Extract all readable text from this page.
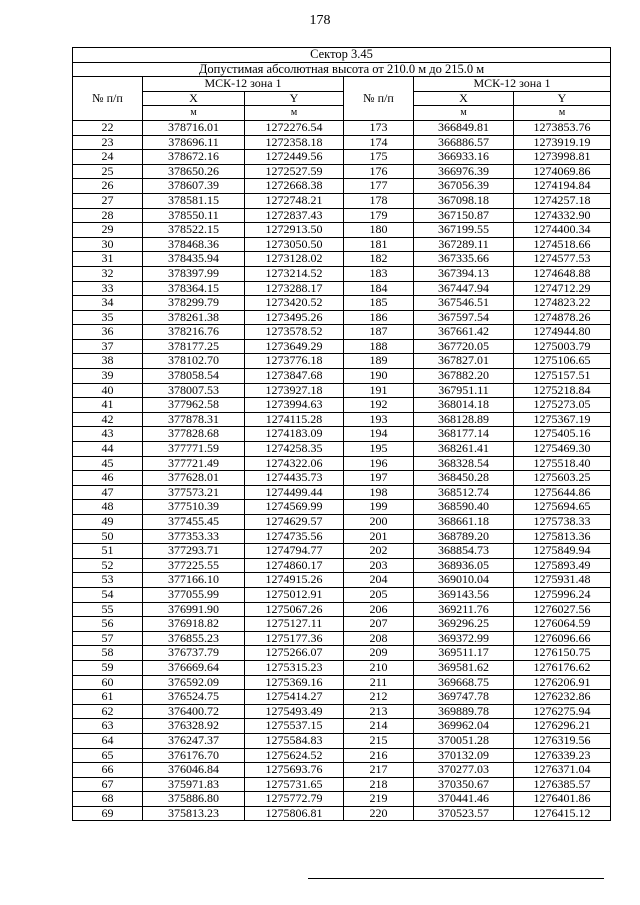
178
Сектор 3.45					
Допустимая абсолютная высота от 210.0 м до 215.0 м					
№ п/п	МСК-12 зона 1		№ п/п	МСК-12 зона 1	
	X	Y		X	Y
	м	м		м	м
22	378716.01	1272276.54	173	366849.81	1273853.76
23	378696.11	1272358.18	174	366886.57	1273919.19
24	378672.16	1272449.56	175	366933.16	1273998.81
25	378650.26	1272527.59	176	366976.39	1274069.86
26	378607.39	1272668.38	177	367056.39	1274194.84
27	378581.15	1272748.21	178	367098.18	1274257.18
28	378550.11	1272837.43	179	367150.87	1274332.90
29	378522.15	1272913.50	180	367199.55	1274400.34
30	378468.36	1273050.50	181	367289.11	1274518.66
31	378435.94	1273128.02	182	367335.66	1274577.53
32	378397.99	1273214.52	183	367394.13	1274648.88
33	378364.15	1273288.17	184	367447.94	1274712.29
34	378299.79	1273420.52	185	367546.51	1274823.22
35	378261.38	1273495.26	186	367597.54	1274878.26
36	378216.76	1273578.52	187	367661.42	1274944.80
37	378177.25	1273649.29	188	367720.05	1275003.79
38	378102.70	1273776.18	189	367827.01	1275106.65
39	378058.54	1273847.68	190	367882.20	1275157.51
40	378007.53	1273927.18	191	367951.11	1275218.84
41	377962.58	1273994.63	192	368014.18	1275273.05
42	377878.31	1274115.28	193	368128.89	1275367.19
43	377828.68	1274183.09	194	368177.14	1275405.16
44	377771.59	1274258.35	195	368261.41	1275469.30
45	377721.49	1274322.06	196	368328.54	1275518.40
46	377628.01	1274435.73	197	368450.28	1275603.25
47	377573.21	1274499.44	198	368512.74	1275644.86
48	377510.39	1274569.99	199	368590.40	1275694.65
49	377455.45	1274629.57	200	368661.18	1275738.33
50	377353.33	1274735.56	201	368789.20	1275813.36
51	377293.71	1274794.77	202	368854.73	1275849.94
52	377225.55	1274860.17	203	368936.05	1275893.49
53	377166.10	1274915.26	204	369010.04	1275931.48
54	377055.99	1275012.91	205	369143.56	1275996.24
55	376991.90	1275067.26	206	369211.76	1276027.56
56	376918.82	1275127.11	207	369296.25	1276064.59
57	376855.23	1275177.36	208	369372.99	1276096.66
58	376737.79	1275266.07	209	369511.17	1276150.75
59	376669.64	1275315.23	210	369581.62	1276176.62
60	376592.09	1275369.16	211	369668.75	1276206.91
61	376524.75	1275414.27	212	369747.78	1276232.86
62	376400.72	1275493.49	213	369889.78	1276275.94
63	376328.92	1275537.15	214	369962.04	1276296.21
64	376247.37	1275584.83	215	370051.28	1276319.56
65	376176.70	1275624.52	216	370132.09	1276339.23
66	376046.84	1275693.76	217	370277.03	1276371.04
67	375971.83	1275731.65	218	370350.67	1276385.57
68	375886.80	1275772.79	219	370441.46	1276401.86
69	375813.23	1275806.81	220	370523.57	1276415.12
